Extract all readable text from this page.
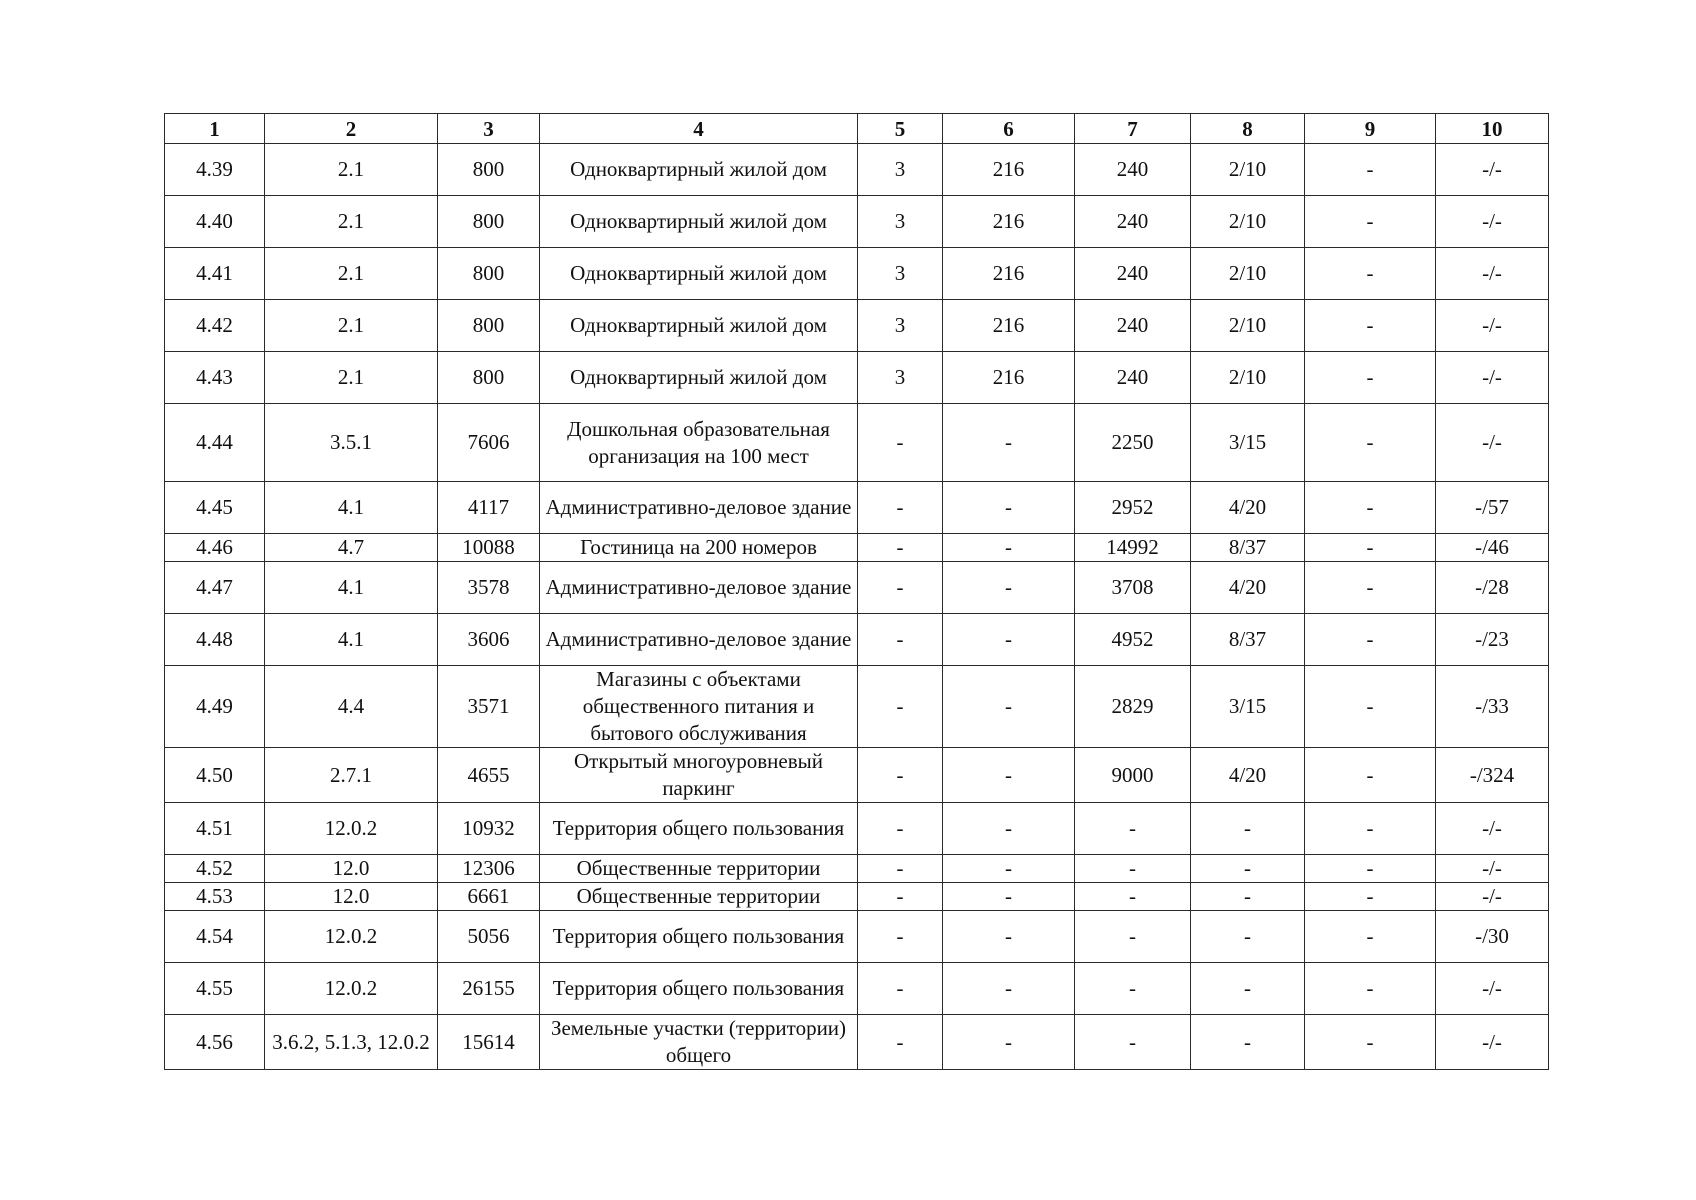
1	2	3	4	5	6	7	8	9	10
4.39	2.1	800	Одноквартирный жилой дом	3	216	240	2/10	-	-/-
4.40	2.1	800	Одноквартирный жилой дом	3	216	240	2/10	-	-/-
4.41	2.1	800	Одноквартирный жилой дом	3	216	240	2/10	-	-/-
4.42	2.1	800	Одноквартирный жилой дом	3	216	240	2/10	-	-/-
4.43	2.1	800	Одноквартирный жилой дом	3	216	240	2/10	-	-/-
4.44	3.5.1	7606	Дошкольная образовательная организация на 100 мест	-	-	2250	3/15	-	-/-
4.45	4.1	4117	Административно-деловое здание	-	-	2952	4/20	-	-/57
4.46	4.7	10088	Гостиница на 200 номеров	-	-	14992	8/37	-	-/46
4.47	4.1	3578	Административно-деловое здание	-	-	3708	4/20	-	-/28
4.48	4.1	3606	Административно-деловое здание	-	-	4952	8/37	-	-/23
4.49	4.4	3571	Магазины с объектами общественного питания и бытового обслуживания	-	-	2829	3/15	-	-/33
4.50	2.7.1	4655	Открытый многоуровневый паркинг	-	-	9000	4/20	-	-/324
4.51	12.0.2	10932	Территория общего пользования	-	-	-	-	-	-/-
4.52	12.0	12306	Общественные территории	-	-	-	-	-	-/-
4.53	12.0	6661	Общественные территории	-	-	-	-	-	-/-
4.54	12.0.2	5056	Территория общего пользования	-	-	-	-	-	-/30
4.55	12.0.2	26155	Территория общего пользования	-	-	-	-	-	-/-
4.56	3.6.2, 5.1.3, 12.0.2	15614	Земельные участки (территории) общего	-	-	-	-	-	-/-
